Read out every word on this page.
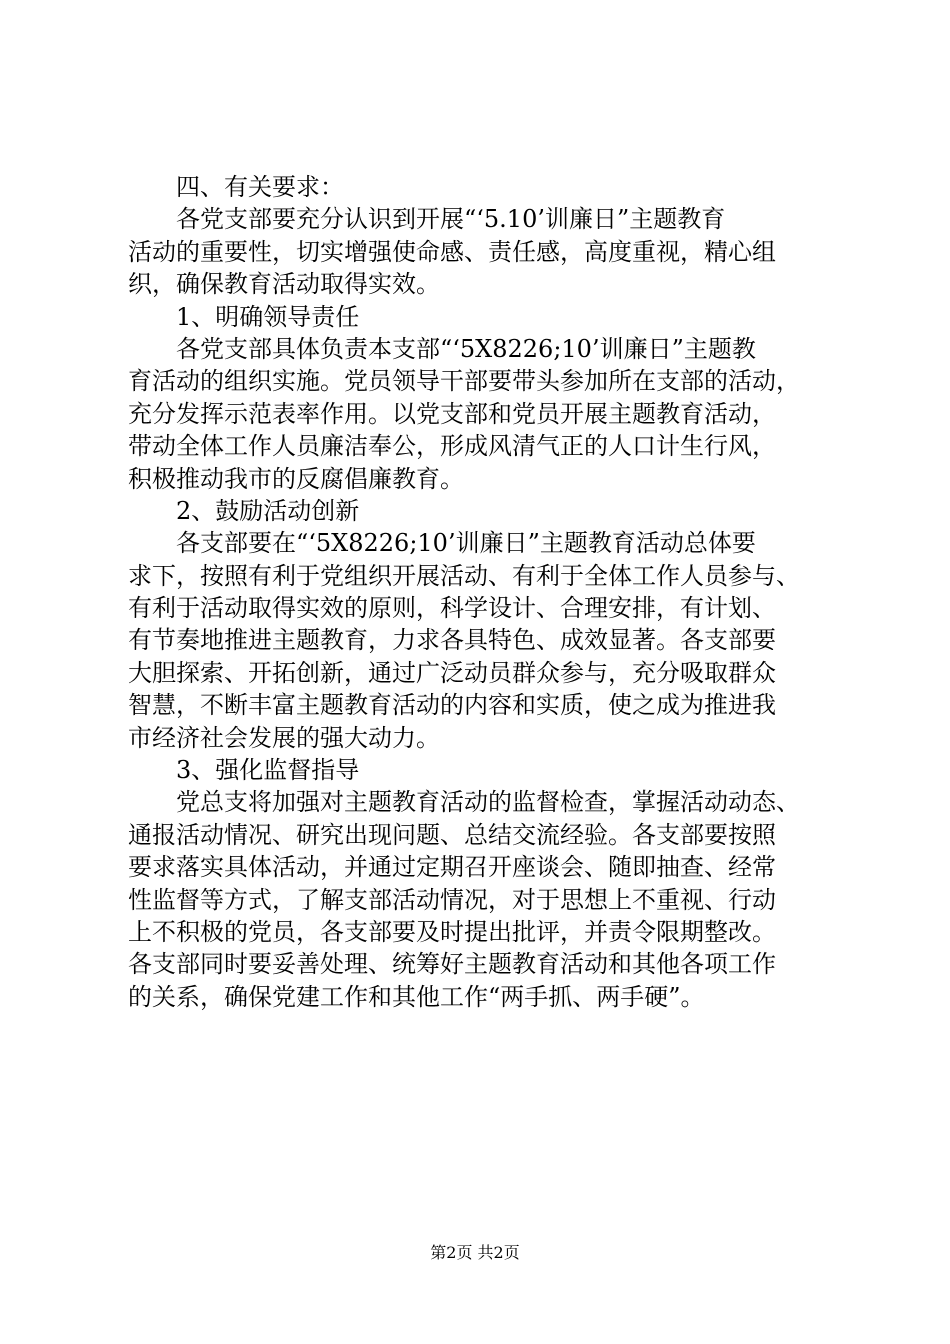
四、有关要求：

各党支部要充分认识到开展“‘5.10’训廉日”主题教育

活动的重要性，切实增强使命感、责任感，高度重视，精心组

织，确保教育活动取得实效。

1、明确领导责任

各党支部具体负责本支部“‘5X8226;10’训廉日”主题教

育活动的组织实施。党员领导干部要带头参加所在支部的活动，

充分发挥示范表率作用。以党支部和党员开展主题教育活动，

带动全体工作人员廉洁奉公，形成风清气正的人口计生行风，

积极推动我市的反腐倡廉教育。

2、鼓励活动创新

各支部要在“‘5X8226;10’训廉日”主题教育活动总体要

求下，按照有利于党组织开展活动、有利于全体工作人员参与、

有利于活动取得实效的原则，科学设计、合理安排，有计划、

有节奏地推进主题教育，力求各具特色、成效显著。各支部要

大胆探索、开拓创新，通过广泛动员群众参与，充分吸取群众

智慧，不断丰富主题教育活动的内容和实质，使之成为推进我

市经济社会发展的强大动力。

3、强化监督指导

党总支将加强对主题教育活动的监督检查，掌握活动动态、

通报活动情况、研究出现问题、总结交流经验。各支部要按照

要求落实具体活动，并通过定期召开座谈会、随即抽查、经常

性监督等方式，了解支部活动情况，对于思想上不重视、行动

上不积极的党员，各支部要及时提出批评，并责令限期整改。

各支部同时要妥善处理、统筹好主题教育活动和其他各项工作

的关系，确保党建工作和其他工作“两手抓、两手硬”。

第2页 共2页
